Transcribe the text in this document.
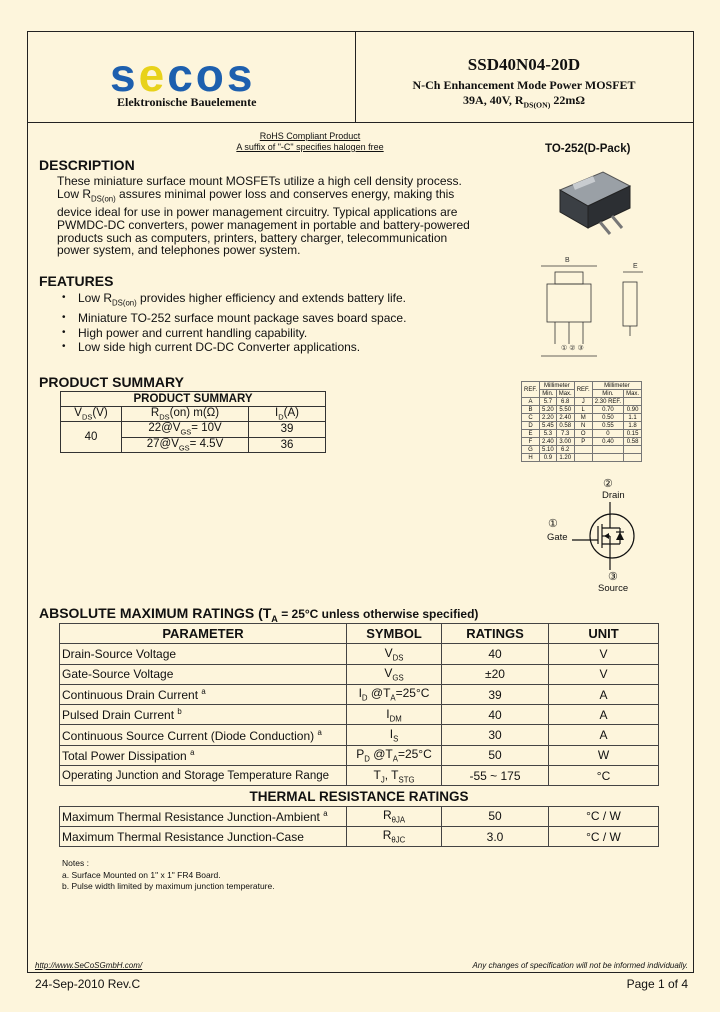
secos
Elektronische Bauelemente
SSD40N04-20D
N-Ch Enhancement Mode Power MOSFET
39A, 40V, $R_{DS(ON)}$ 22mΩ
RoHS Compliant Product
A suffix of "-C" specifies halogen free
DESCRIPTION
These miniature surface mount MOSFETs utilize a high cell density process.
Low $R_{DS(on)}$ assures minimal power loss and conserves energy, making this
device ideal for use in power management circuitry. Typical applications are
PWMDC-DC converters, power management in portable and battery-powered
products such as computers, printers, battery charger, telecommunication
power system, and telephones power system.
FEATURES
• Low $R_{DS(on)}$ provides higher efficiency and extends battery life.
• Miniature TO-252 surface mount package saves board space.
• High power and current handling capability.
• Low side high current DC-DC Converter applications.
PRODUCT SUMMARY
PRODUCT SUMMARY		
$V_{DS}(V)$	$R_{DS}(on)$ m(Ω)	$I_D(A)$
40	$22@V_{GS}= 10V$	39
	$27@V_{GS}= 4.5V$	36
TO-252(D-Pack)
① ② ③
B
E
REF.	Millimeter		REF.	Millimeter	
	Min.	Max.		Min.	Max.
A	5.7	6.8	J	2.30 REF.	
B	5.20	5.50	L	0.70	0.90
C	2.20	2.40	M	0.50	1.1
D	5.45	0.58	N	0.55	1.8
E	5.3	7.3	O	0	0.15
F	2.40	3.00	P	0.40	0.58
G	5.10	6.2			
H	0.9	1.20			
②
Drain
①
Gate
③
Source
ABSOLUTE MAXIMUM RATINGS ($T_A = 25^\circ C$ unless otherwise specified)
PARAMETER	SYMBOL	RATINGS	UNIT
Drain-Source Voltage	$V_{DS}$	40	V
Gate-Source Voltage	$V_{GS}$	±20	V
Continuous Drain Current $^a$	$I_D$ $@T_A=25^\circ C$	39	A
Pulsed Drain Current $^b$	$I_{DM}$	40	A
Continuous Source Current (Diode Conduction) $^a$	$I_S$	30	A
Total Power Dissipation $^a$	$P_D$ $@T_A=25^\circ C$	50	W
Operating Junction and Storage Temperature Range	$T_J$, $T_{STG}$	-55 ~ 175	°C
THERMAL RESISTANCE RATINGS			
Maximum Thermal Resistance Junction-Ambient $^a$	$R_{\theta JA}$	50	°C / W
Maximum Thermal Resistance Junction-Case	$R_{\theta JC}$	3.0	°C / W
Notes :
a. Surface Mounted on 1" x 1" FR4 Board.
b. Pulse width limited by maximum junction temperature.
http://www.SeCoSGmbH.com/	Any changes of specification will not be informed individually.
24-Sep-2010 Rev.C	Page 1 of 4
